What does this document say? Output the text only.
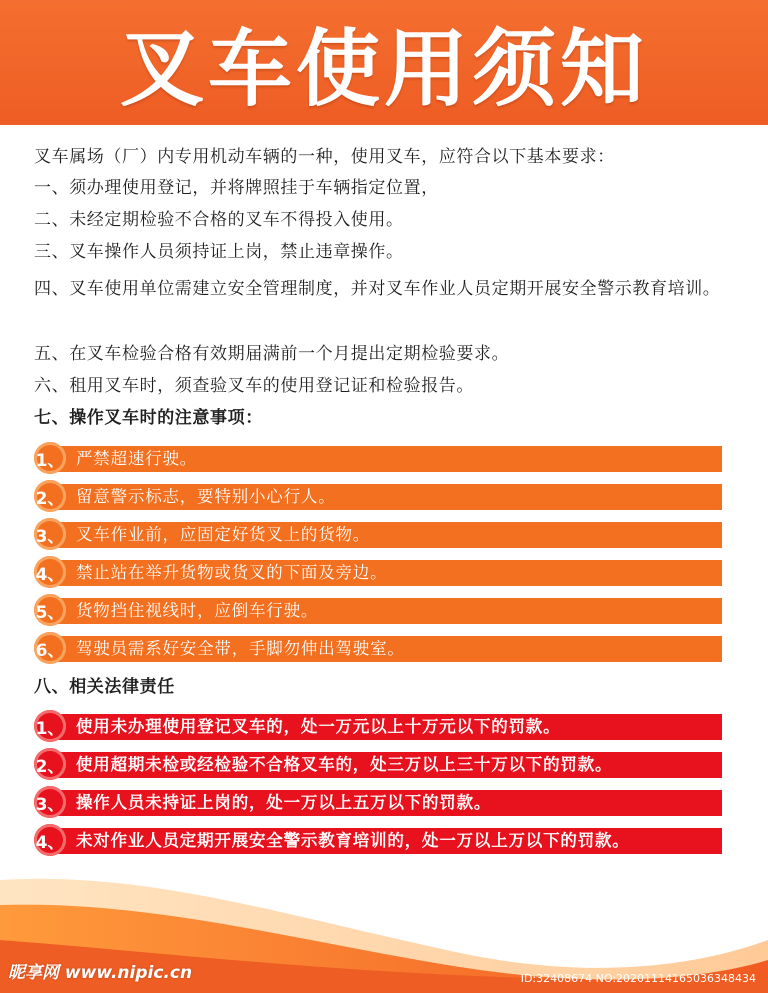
叉车使用须知
叉车属场（厂）内专用机动车辆的一种，使用叉车，应符合以下基本要求：
一、须办理使用登记，并将牌照挂于车辆指定位置，
二、未经定期检验不合格的叉车不得投入使用。
三、叉车操作人员须持证上岗，禁止违章操作。
四、叉车使用单位需建立安全管理制度，并对叉车作业人员定期开展安全警示教育培训。
五、在叉车检验合格有效期届满前一个月提出定期检验要求。
六、租用叉车时，须查验叉车的使用登记证和检验报告。
七、操作叉车时的注意事项：
1、 严禁超速行驶。
2、 留意警示标志，要特别小心行人。
3、 叉车作业前，应固定好货叉上的货物。
4、 禁止站在举升货物或货叉的下面及旁边。
5、 货物挡住视线时，应倒车行驶。
6、 驾驶员需系好安全带，手脚勿伸出驾驶室。
八、相关法律责任
1、 使用未办理使用登记叉车的，处一万元以上十万元以下的罚款。
2、 使用超期未检或经检验不合格叉车的，处三万以上三十万以下的罚款。
3、 操作人员未持证上岗的，处一万以上五万以下的罚款。
4、 未对作业人员定期开展安全警示教育培训的，处一万以上万以下的罚款。
昵享网 www.nipic.cn	ID:32408674 NO:20201114165036348434
